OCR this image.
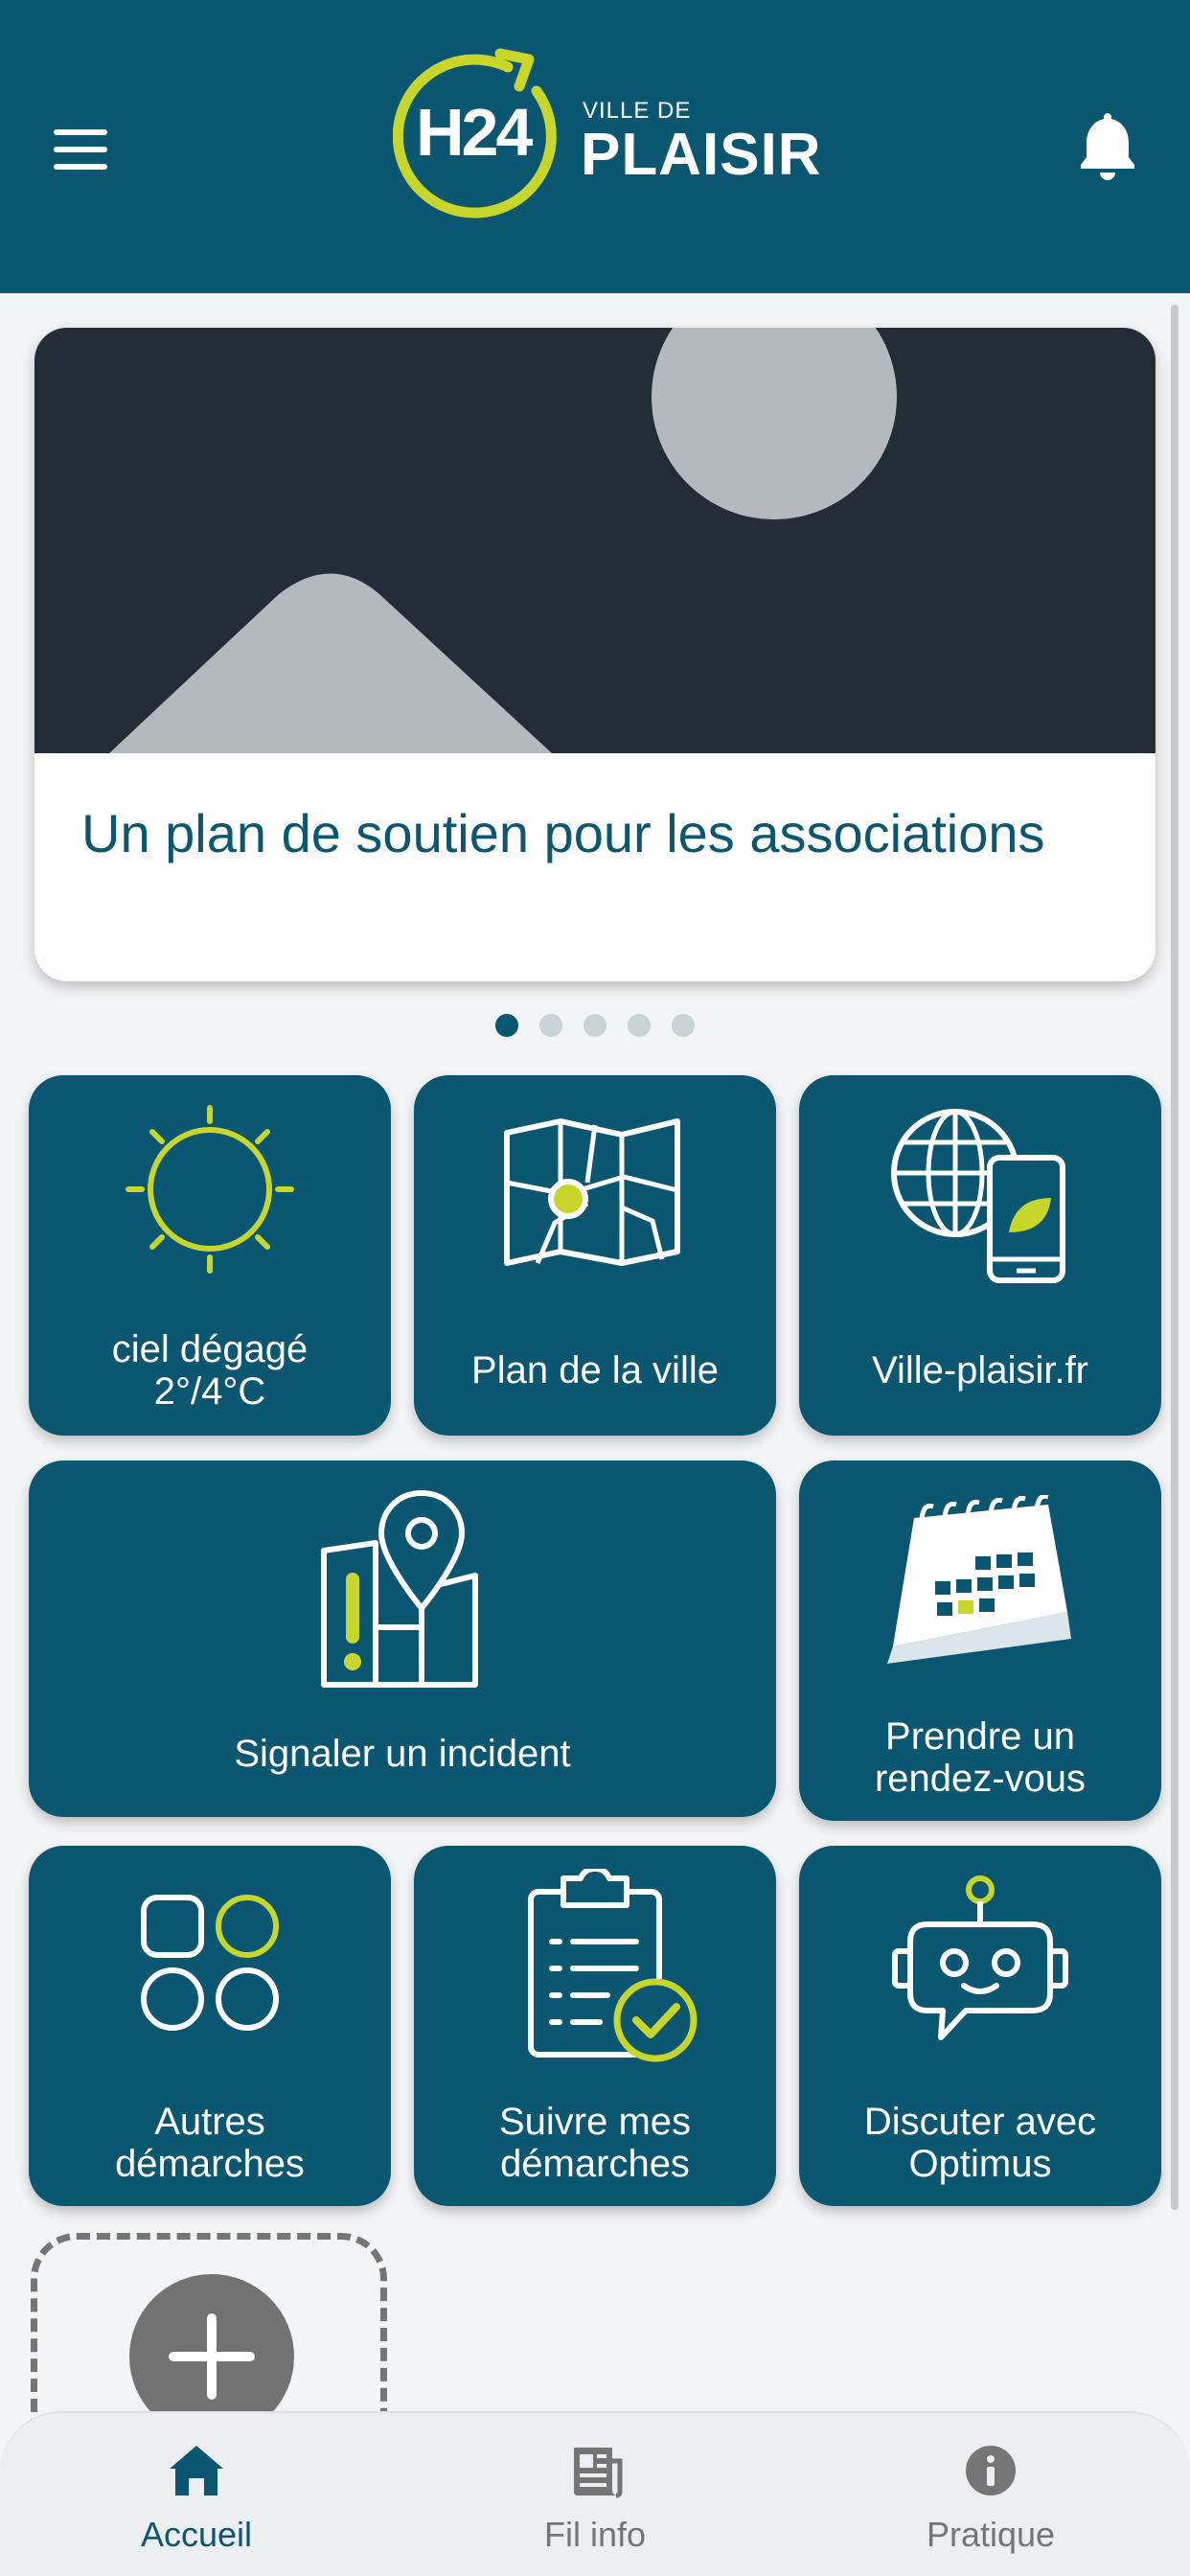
H24 VILLE DE
PLAISIR
Un plan de soutien pour les associations
ciel dégagé
2°/4°C	Plan de la ville	Ville-plaisir.fr
Signaler un incident	Prendre un
rendez-vous
Autres
démarches
Suivre mes
démarches
Discuter avec
Optimus
Accueil	Fil info	Pratique
